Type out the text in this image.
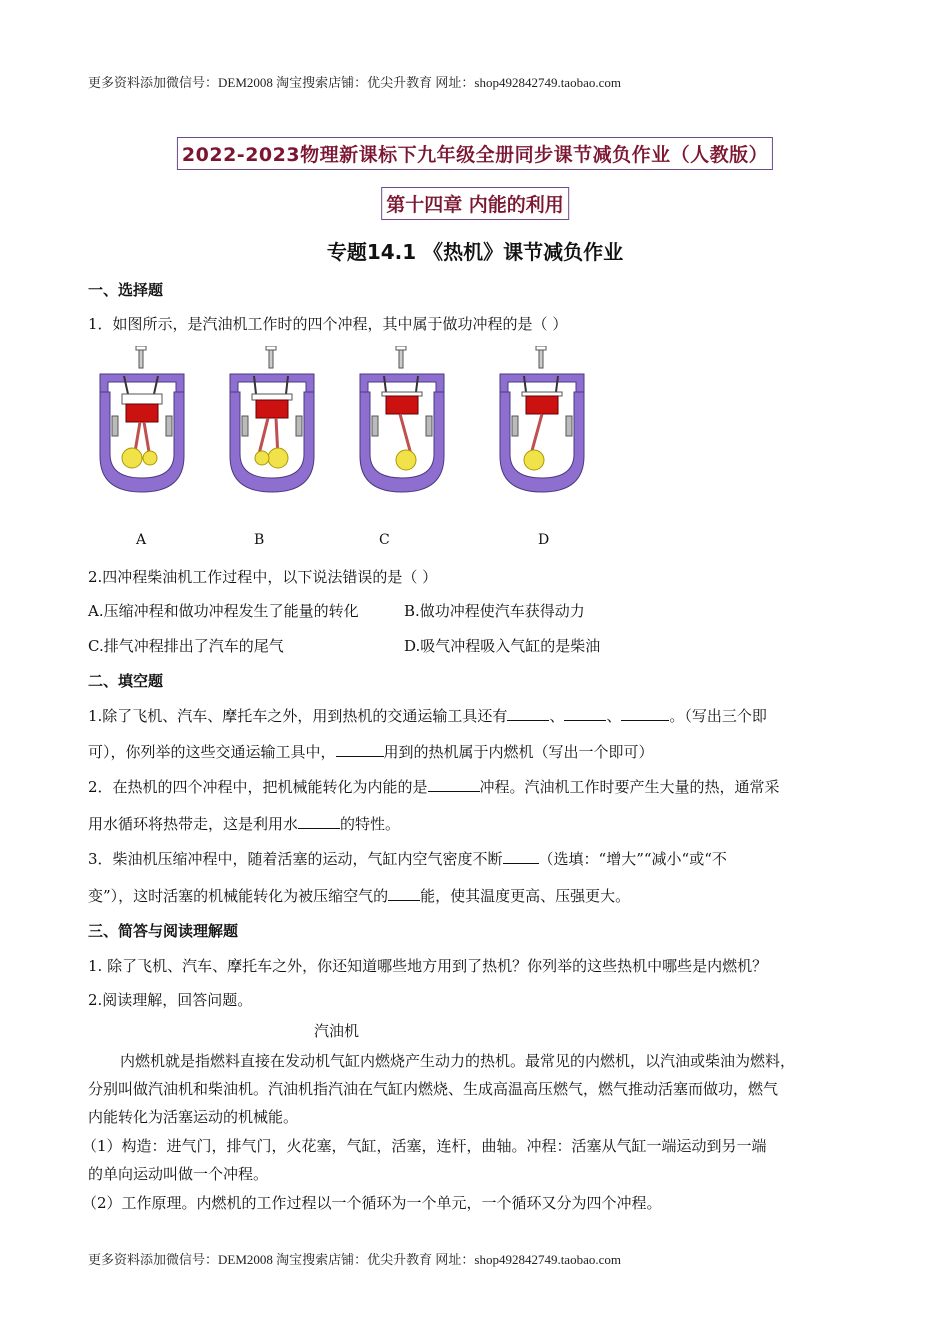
更多资料添加微信号：DEM2008 淘宝搜索店铺：优尖升教育 网址：shop492842749.taobao.com
2022-2023物理新课标下九年级全册同步课节减负作业（人教版）
第十四章 内能的利用
专题14.1 《热机》课节减负作业
一、选择题
1．如图所示，是汽油机工作时的四个冲程，其中属于做功冲程的是（ ）
A	B	C	D
2.四冲程柴油机工作过程中，以下说法错误的是（ ）
A.压缩冲程和做功冲程发生了能量的转化	B.做功冲程使汽车获得动力
C.排气冲程排出了汽车的尾气	D.吸气冲程吸入气缸的是柴油
二、填空题
1.除了飞机、汽车、摩托车之外，用到热机的交通运输工具还有	、	、	。（写出三个即
可），你列举的这些交通运输工具中，	用到的热机属于内燃机（写出一个即可）
2．在热机的四个冲程中，把机械能转化为内能的是	冲程。汽油机工作时要产生大量的热，通常采
用水循环将热带走，这是利用水	的特性。
3．柴油机压缩冲程中，随着活塞的运动，气缸内空气密度不断 （选填：“增大”“减小“或“不
变”），这时活塞的机械能转化为被压缩空气的 能，使其温度更高、压强更大。
三、简答与阅读理解题
1. 除了飞机、汽车、摩托车之外，你还知道哪些地方用到了热机？你列举的这些热机中哪些是内燃机？
2.阅读理解，回答问题。
汽油机
内燃机就是指燃料直接在发动机气缸内燃烧产生动力的热机。最常见的内燃机，以汽油或柴油为燃料，
分别叫做汽油机和柴油机。汽油机指汽油在气缸内燃烧、生成高温高压燃气，燃气推动活塞而做功，燃气
内能转化为活塞运动的机械能。
（1）构造：进气门，排气门，火花塞，气缸，活塞，连杆，曲轴。冲程：活塞从气缸一端运动到另一端
的单向运动叫做一个冲程。
（2）工作原理。内燃机的工作过程以一个循环为一个单元，一个循环又分为四个冲程。
更多资料添加微信号：DEM2008 淘宝搜索店铺：优尖升教育 网址：shop492842749.taobao.com
